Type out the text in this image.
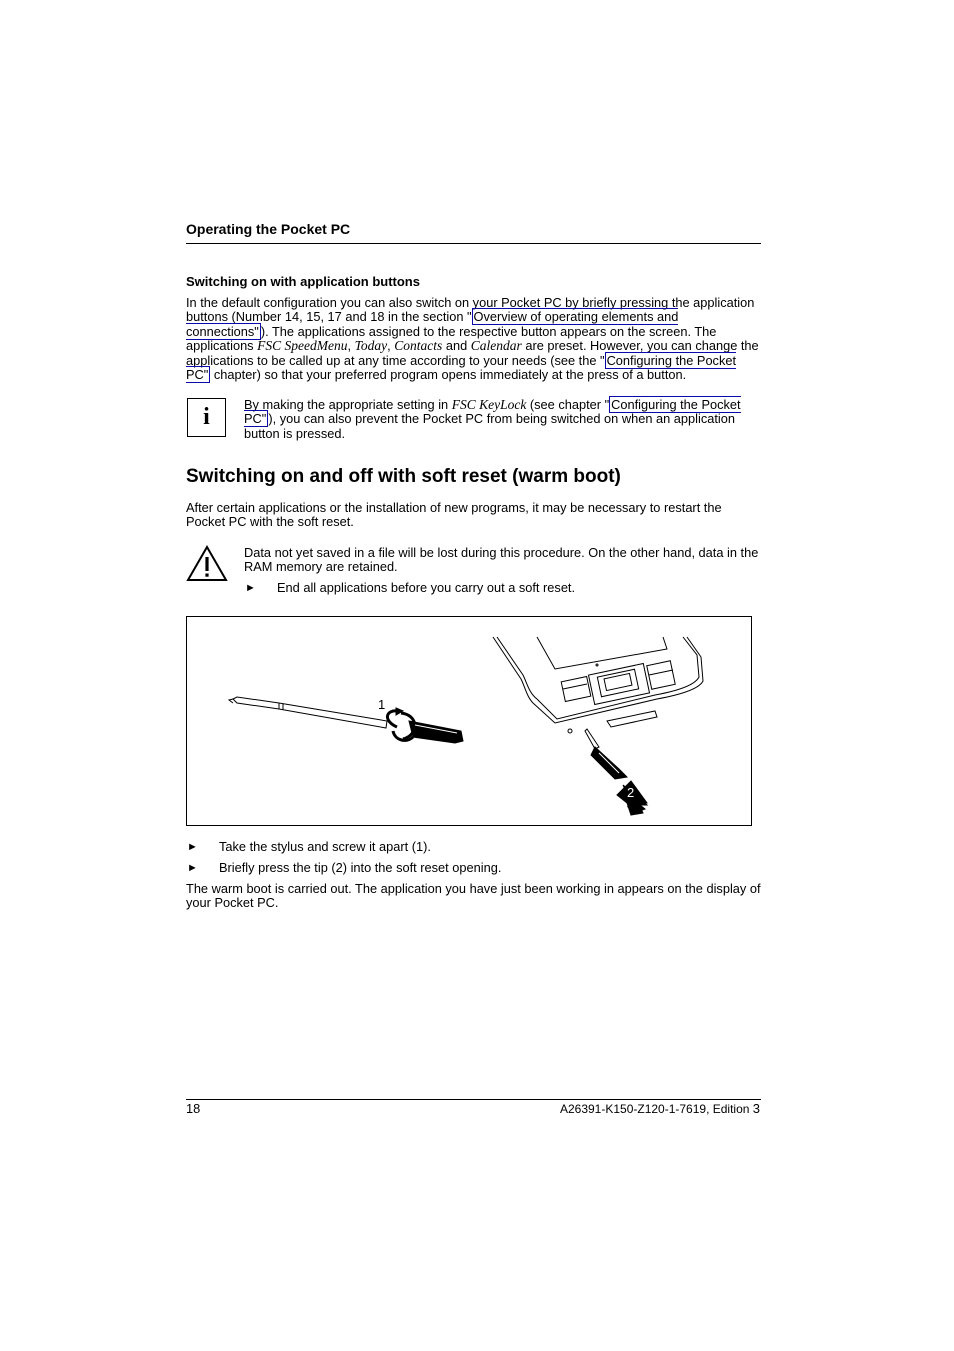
Operating the Pocket PC
Switching on with application buttons
In the default configuration you can also switch on your Pocket PC by briefly pressing the application buttons (Number 14, 15, 17 and 18 in the section " Overview of operating elements and connections" ). The applications assigned to the respective button appears on the screen. The applications FSC SpeedMenu, Today, Contacts and Calendar are preset. However, you can change the applications to be called up at any time according to your needs (see the " Configuring the Pocket PC" chapter) so that your preferred program opens immediately at the press of a button.
i	By making the appropriate setting in FSC KeyLock (see chapter " Configuring the Pocket PC" ), you can also prevent the Pocket PC from being switched on when an application button is pressed.
Switching on and off with soft reset (warm boot)
After certain applications or the installation of new programs, it may be necessary to restart the Pocket PC with the soft reset.
Data not yet saved in a file will be lost during this procedure. On the other hand, data in the RAM memory are retained.
► End all applications before you carry out a soft reset.
1
2
► Take the stylus and screw it apart (1).
► Briefly press the tip (2) into the soft reset opening.
The warm boot is carried out. The application you have just been working in appears on the display of your Pocket PC.
18	A26391-K150-Z120-1-7619, Edition 3
